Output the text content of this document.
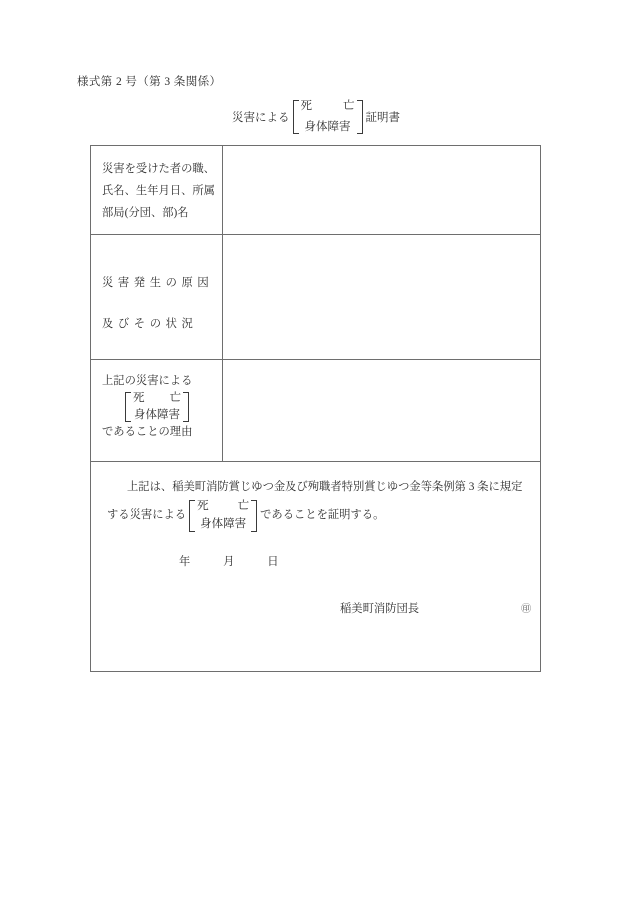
様式第 2 号（第 3 条関係）
災害による
死	亡
身体障害
証明書
災害を受けた者の職、
氏名、生年月日、所属
部局(分団、部)名	

災害発生の原因
及びその状況	

上記の災害による
死 亡
身体障害
であることの理由	

上記は、稲美町消防賞じゆつ金及び殉職者特別賞じゆつ金等条例第 3 条に規定
する災害による
死	亡
身体障害
であることを証明する。
年	月	日
稲美町消防団長	㊞
